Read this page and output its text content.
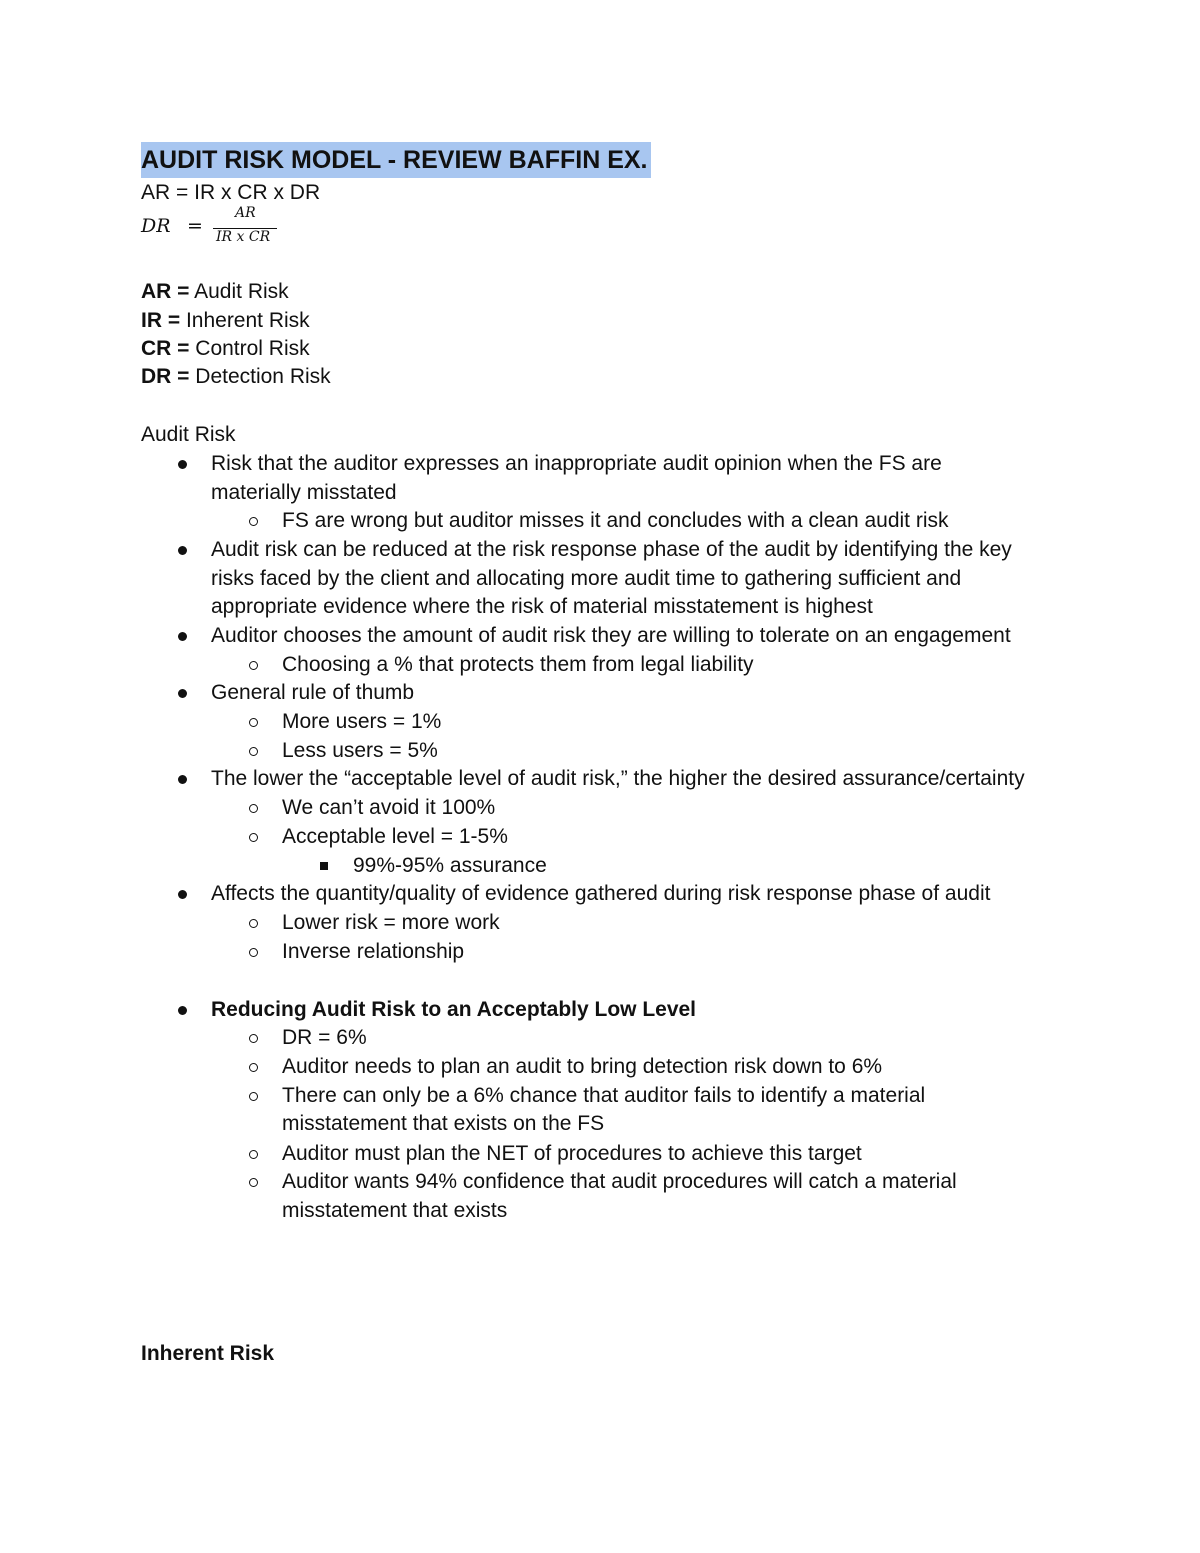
AUDIT RISK MODEL - REVIEW BAFFIN EX.
AR = IR x CR x DR
DR =
AR
IR x CR
AR = Audit Risk
IR = Inherent Risk
CR = Control Risk
DR = Detection Risk
Audit Risk
Risk that the auditor expresses an inappropriate audit opinion when the FS are
materially misstated
FS are wrong but auditor misses it and concludes with a clean audit risk
Audit risk can be reduced at the risk response phase of the audit by identifying the key
risks faced by the client and allocating more audit time to gathering sufficient and
appropriate evidence where the risk of material misstatement is highest
Auditor chooses the amount of audit risk they are willing to tolerate on an engagement
Choosing a % that protects them from legal liability
General rule of thumb
More users = 1%
Less users = 5%
The lower the “acceptable level of audit risk,” the higher the desired assurance/certainty
We can’t avoid it 100%
Acceptable level = 1-5%
99%-95% assurance
Affects the quantity/quality of evidence gathered during risk response phase of audit
Lower risk = more work
Inverse relationship
Reducing Audit Risk to an Acceptably Low Level
DR = 6%
Auditor needs to plan an audit to bring detection risk down to 6%
There can only be a 6% chance that auditor fails to identify a material
misstatement that exists on the FS
Auditor must plan the NET of procedures to achieve this target
Auditor wants 94% confidence that audit procedures will catch a material
misstatement that exists
Inherent Risk
